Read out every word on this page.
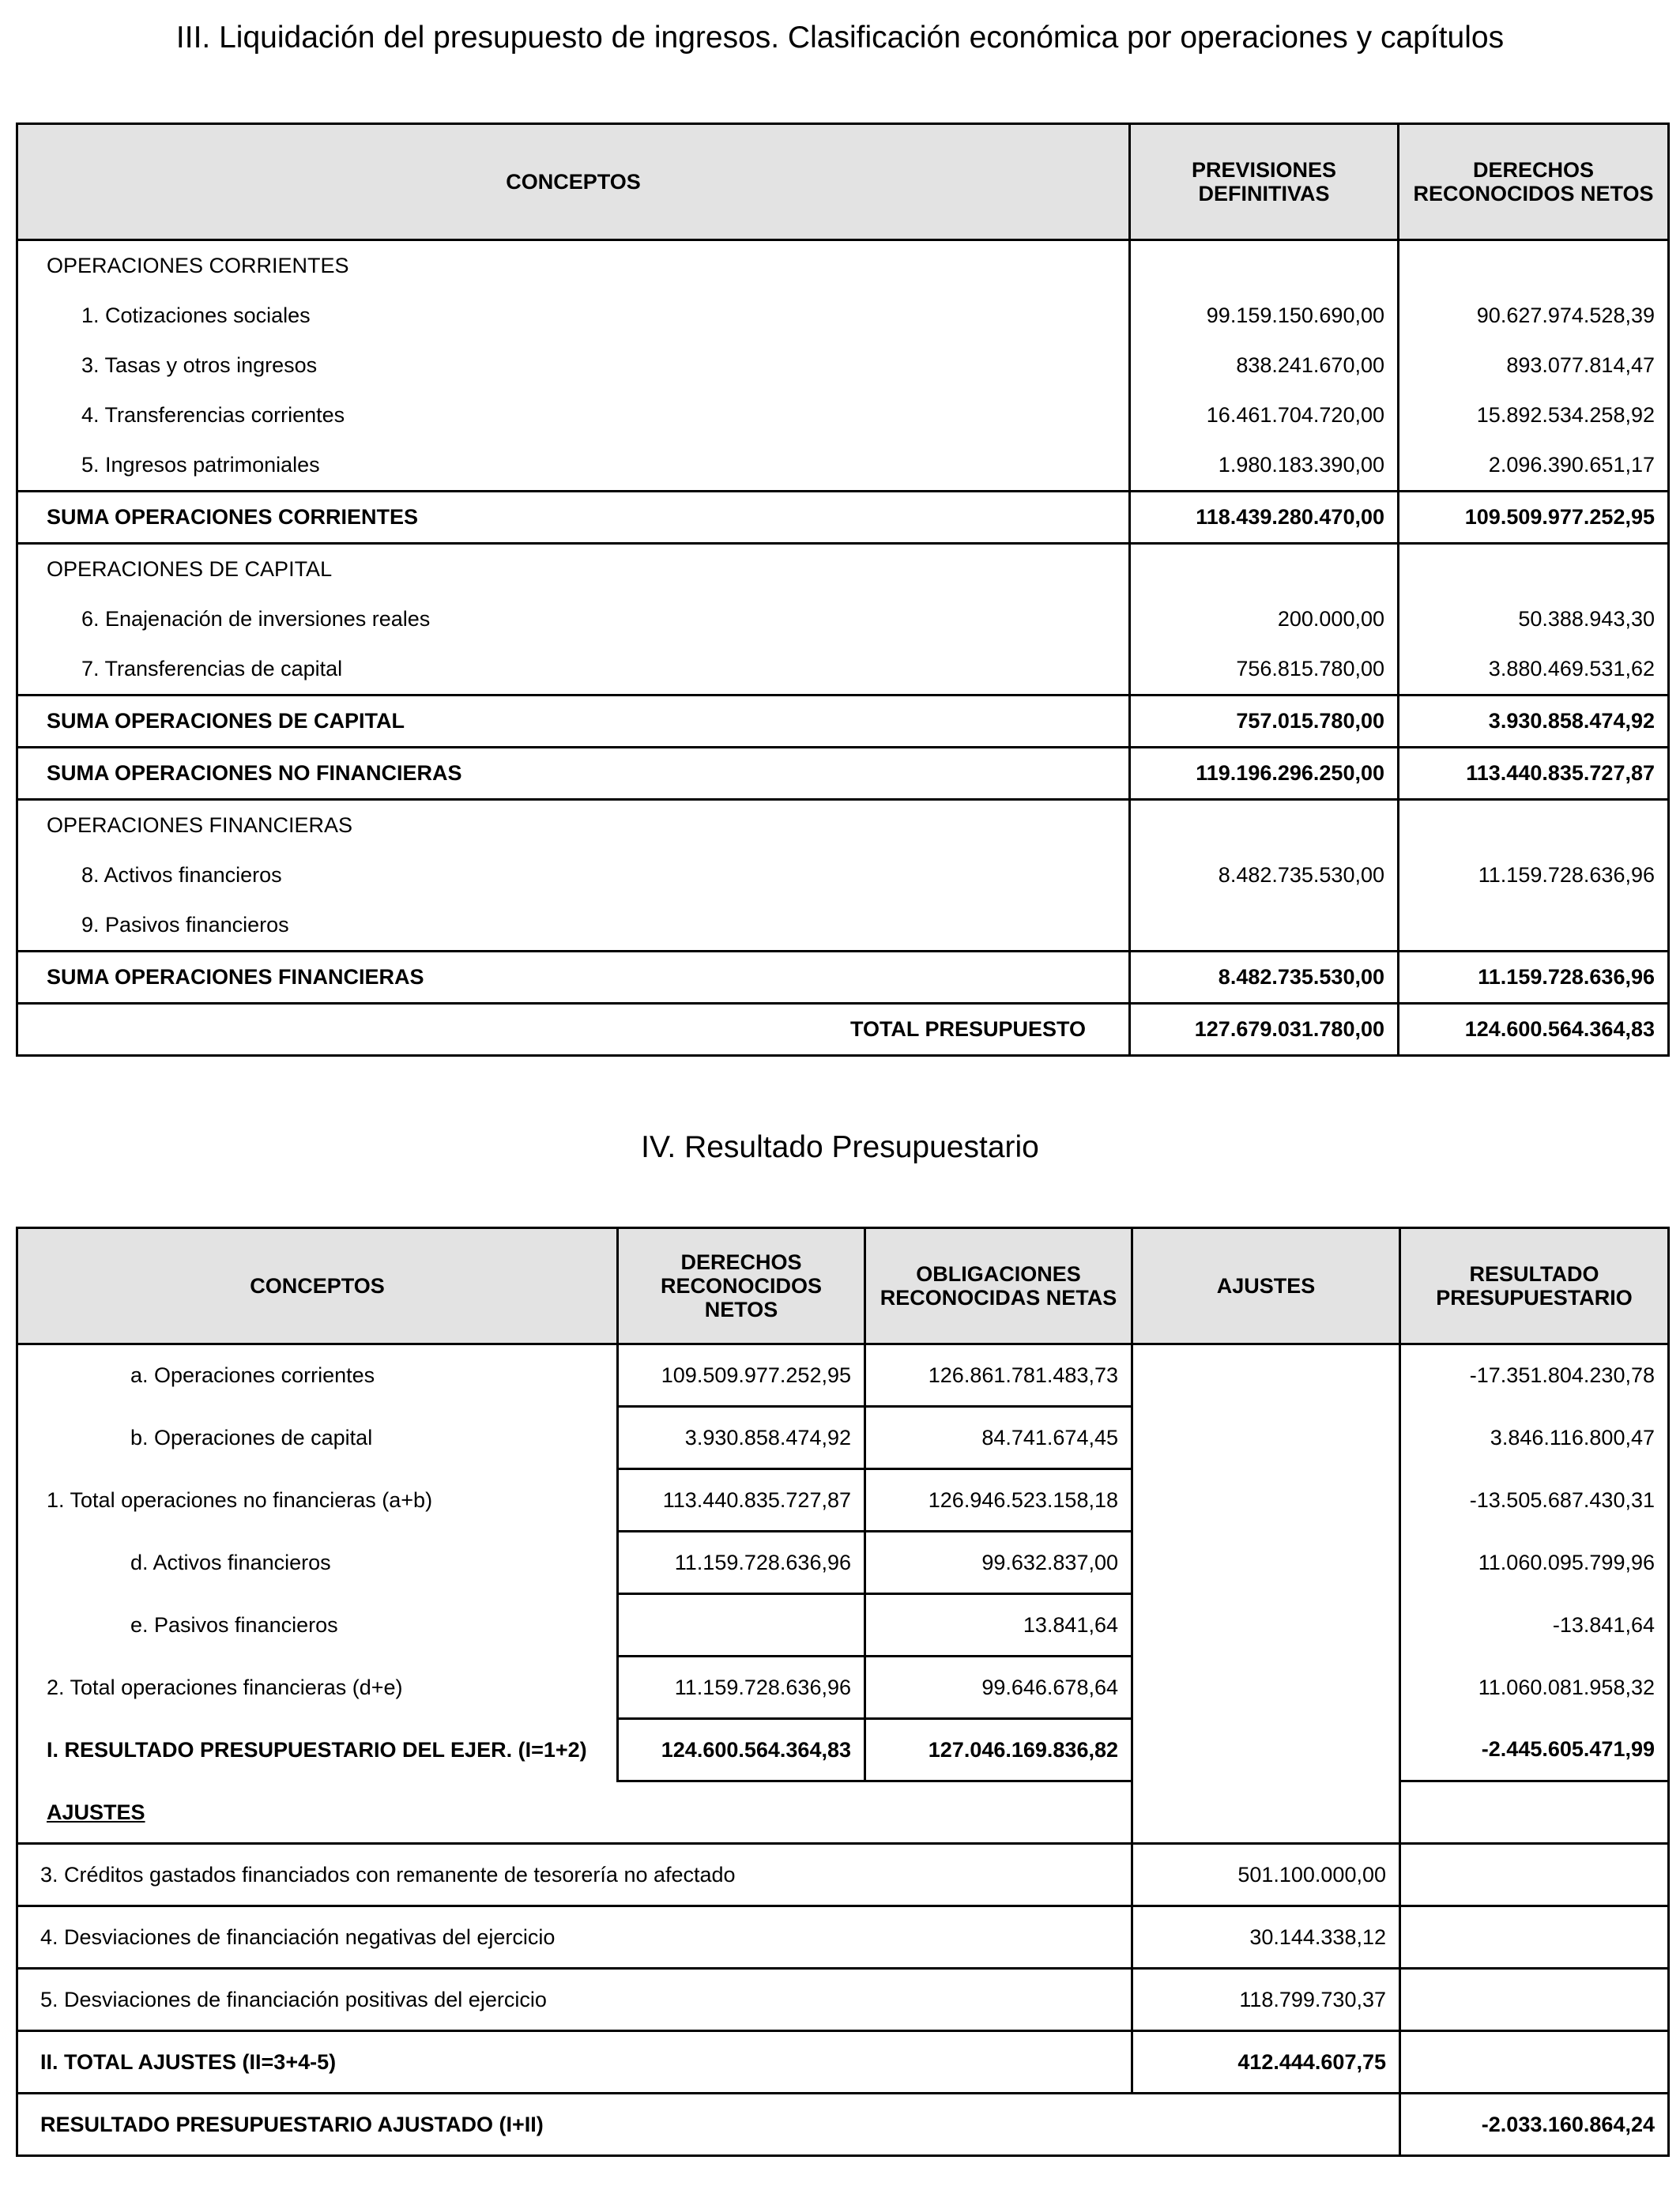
III. Liquidación del presupuesto de ingresos. Clasificación económica por operaciones y capítulos
CONCEPTOS	PREVISIONES DEFINITIVAS	DERECHOS RECONOCIDOS NETOS
OPERACIONES CORRIENTES		
1. Cotizaciones sociales	99.159.150.690,00	90.627.974.528,39
3. Tasas y otros ingresos	838.241.670,00	893.077.814,47
4. Transferencias corrientes	16.461.704.720,00	15.892.534.258,92
5. Ingresos patrimoniales	1.980.183.390,00	2.096.390.651,17
SUMA OPERACIONES CORRIENTES	118.439.280.470,00	109.509.977.252,95
OPERACIONES DE CAPITAL		
6. Enajenación de inversiones reales	200.000,00	50.388.943,30
7. Transferencias de capital	756.815.780,00	3.880.469.531,62
SUMA OPERACIONES DE CAPITAL	757.015.780,00	3.930.858.474,92
SUMA OPERACIONES NO FINANCIERAS	119.196.296.250,00	113.440.835.727,87
OPERACIONES FINANCIERAS		
8. Activos financieros	8.482.735.530,00	11.159.728.636,96
9. Pasivos financieros		
SUMA OPERACIONES FINANCIERAS	8.482.735.530,00	11.159.728.636,96
TOTAL PRESUPUESTO	127.679.031.780,00	124.600.564.364,83
IV. Resultado Presupuestario
CONCEPTOS	DERECHOS RECONOCIDOS NETOS	OBLIGACIONES RECONOCIDAS NETAS	AJUSTES	RESULTADO PRESUPUESTARIO
a. Operaciones corrientes	109.509.977.252,95	126.861.781.483,73		-17.351.804.230,78
b. Operaciones de capital	3.930.858.474,92	84.741.674,45		3.846.116.800,47
1. Total operaciones no financieras (a+b)	113.440.835.727,87	126.946.523.158,18		-13.505.687.430,31
d. Activos financieros	11.159.728.636,96	99.632.837,00		11.060.095.799,96
e. Pasivos financieros		13.841,64		-13.841,64
2. Total operaciones financieras (d+e)	11.159.728.636,96	99.646.678,64		11.060.081.958,32
I. RESULTADO PRESUPUESTARIO DEL EJER. (I=1+2)	124.600.564.364,83	127.046.169.836,82		-2.445.605.471,99
AJUSTES				
3. Créditos gastados financiados con remanente de tesorería no afectado			501.100.000,00	
4. Desviaciones de financiación negativas del ejercicio			30.144.338,12	
5. Desviaciones de financiación positivas del ejercicio			118.799.730,37	
II. TOTAL AJUSTES (II=3+4-5)			412.444.607,75	
RESULTADO PRESUPUESTARIO AJUSTADO (I+II)				-2.033.160.864,24
